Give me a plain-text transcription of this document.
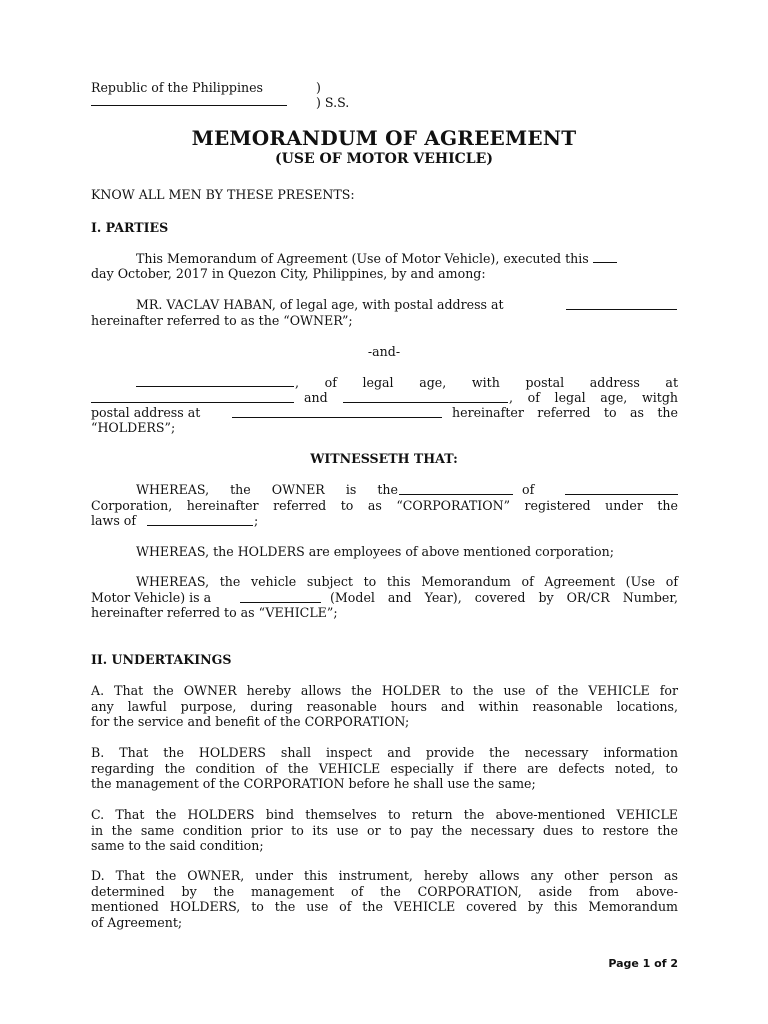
Republic of the Philippines	)
) S.S.
MEMORANDUM OF AGREEMENT
(USE OF MOTOR VEHICLE)
KNOW ALL MEN BY THESE PRESENTS:
I. PARTIES
This Memorandum of Agreement (Use of Motor Vehicle), executed this
day October, 2017 in Quezon City, Philippines, by and among:
MR. VACLAV HABAN, of legal age, with postal address at
hereinafter referred to as the “OWNER”;
-and-
, of legal age, with postal address at
and	, of legal age, witgh
postal address at	hereinafter referred to as the
“HOLDERS”;
WITNESSETH THAT:
WHEREAS, the OWNER is the	of
Corporation, hereinafter referred to as “CORPORATION” registered under the
laws of	;
WHEREAS, the HOLDERS are employees of above mentioned corporation;
WHEREAS, the vehicle subject to this Memorandum of Agreement (Use of
Motor Vehicle) is a	(Model and Year), covered by OR/CR Number,
hereinafter referred to as “VEHICLE”;
II. UNDERTAKINGS
A. That the OWNER hereby allows the HOLDER to the use of the VEHICLE for
any lawful purpose, during reasonable hours and within reasonable locations,
for the service and benefit of the CORPORATION;
B. That the HOLDERS shall inspect and provide the necessary information
regarding the condition of the VEHICLE especially if there are defects noted, to
the management of the CORPORATION before he shall use the same;
C. That the HOLDERS bind themselves to return the above-mentioned VEHICLE
in the same condition prior to its use or to pay the necessary dues to restore the
same to the said condition;
D. That the OWNER, under this instrument, hereby allows any other person as
determined by the management of the CORPORATION, aside from above-
mentioned HOLDERS, to the use of the VEHICLE covered by this Memorandum
of Agreement;
Page 1 of 2
